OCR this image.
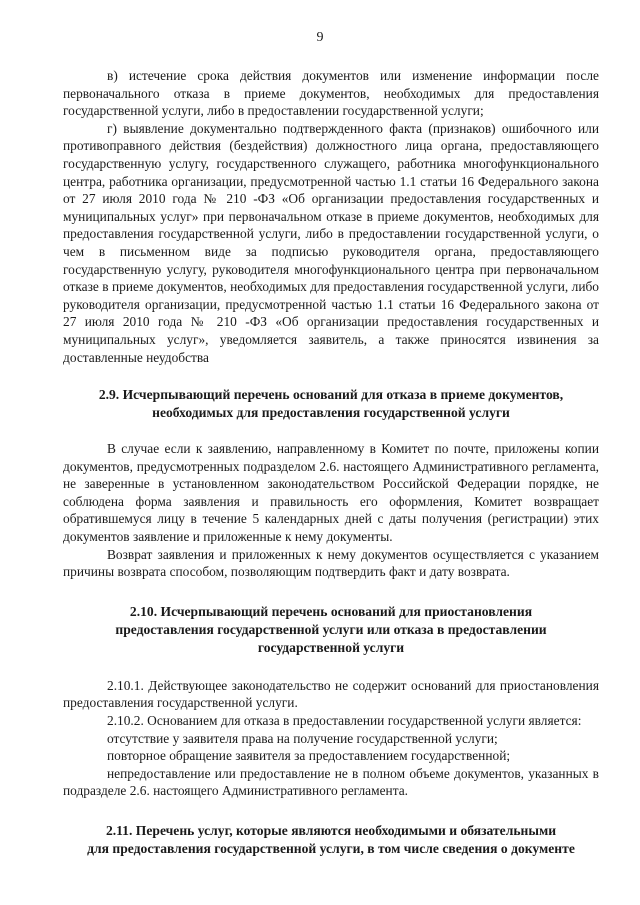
9

в) истечение срока действия документов или изменение информации после первоначального отказа в приеме документов, необходимых для предоставления государственной услуги, либо в предоставлении государственной услуги;

г) выявление документально подтвержденного факта (признаков) ошибочного или противоправного действия (бездействия) должностного лица органа, предоставляющего государственную услугу, государственного служащего, работника многофункционального центра, работника организации, предусмотренной частью 1.1 статьи 16 Федерального закона от 27 июля 2010 года № 210 -ФЗ «Об организации предоставления государственных и муниципальных услуг» при первоначальном отказе в приеме документов, необходимых для предоставления государственной услуги, либо в предоставлении государственной услуги, о чем в письменном виде за подписью руководителя органа, предоставляющего государственную услугу, руководителя многофункционального центра при первоначальном отказе в приеме документов, необходимых для предоставления государственной услуги, либо руководителя организации, предусмотренной частью 1.1 статьи 16 Федерального закона от 27 июля 2010 года № 210 -ФЗ «Об организации предоставления государственных и муниципальных услуг», уведомляется заявитель, а также приносятся извинения за доставленные неудобства

2.9. Исчерпывающий перечень оснований для отказа в приеме документов,
необходимых для предоставления государственной услуги

В случае если к заявлению, направленному в Комитет по почте, приложены копии документов, предусмотренных подразделом 2.6. настоящего Административного регламента, не заверенные в установленном законодательством Российской Федерации порядке, не соблюдена форма заявления и правильность его оформления, Комитет возвращает обратившемуся лицу в течение 5 календарных дней с даты получения (регистрации) этих документов заявление и приложенные к нему документы.

Возврат заявления и приложенных к нему документов осуществляется с указанием причины возврата способом, позволяющим подтвердить факт и дату возврата.

2.10. Исчерпывающий перечень оснований для приостановления
предоставления государственной услуги или отказа в предоставлении
государственной услуги

2.10.1. Действующее законодательство не содержит оснований для приостановления предоставления государственной услуги.

2.10.2. Основанием для отказа в предоставлении государственной услуги является:

отсутствие у заявителя права на получение государственной услуги;

повторное обращение заявителя за предоставлением государственной;

непредоставление или предоставление не в полном объеме документов, указанных в подразделе 2.6. настоящего Административного регламента.

2.11. Перечень услуг, которые являются необходимыми и обязательными
для предоставления государственной услуги, в том числе сведения о документе
